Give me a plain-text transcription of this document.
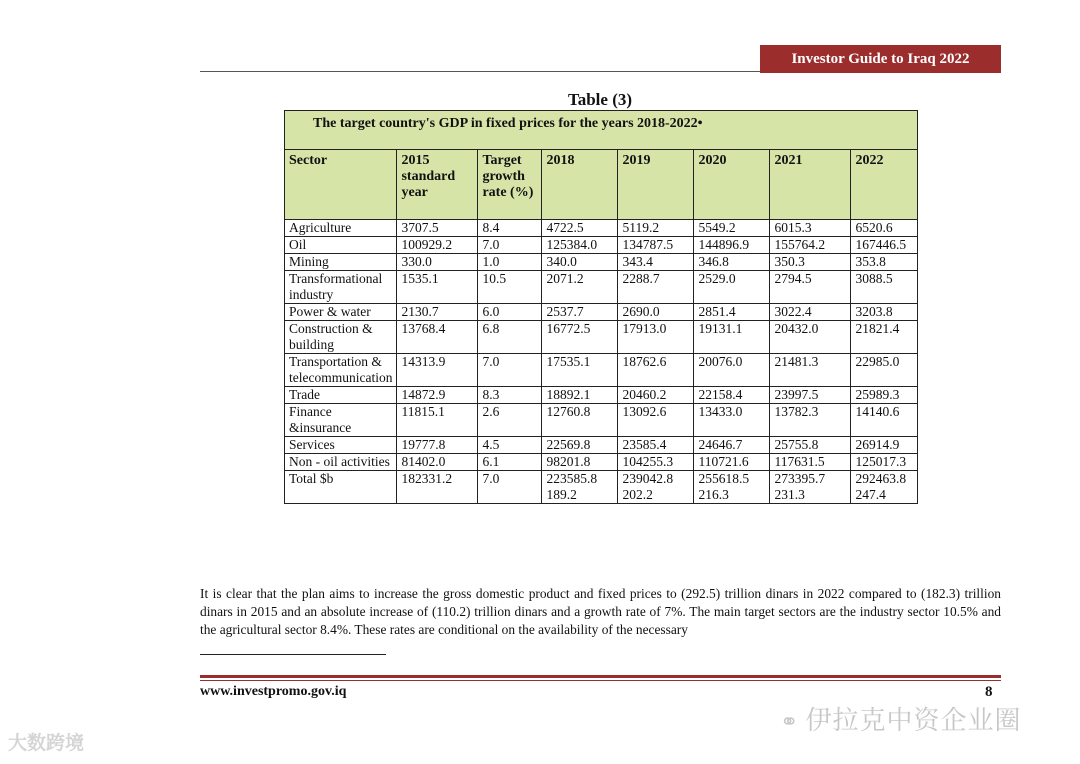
Investor Guide to Iraq 2022
Table (3)
The target country's GDP in fixed prices for the years 2018-2022•							
Sector	2015 standard year	Target growth rate (%)	2018	2019	2020	2021	2022
Agriculture	3707.5	8.4	4722.5	5119.2	5549.2	6015.3	6520.6
Oil	100929.2	7.0	125384.0	134787.5	144896.9	155764.2	167446.5
Mining	330.0	1.0	340.0	343.4	346.8	350.3	353.8
Transformational industry	1535.1	10.5	2071.2	2288.7	2529.0	2794.5	3088.5
Power & water	2130.7	6.0	2537.7	2690.0	2851.4	3022.4	3203.8
Construction & building	13768.4	6.8	16772.5	17913.0	19131.1	20432.0	21821.4
Transportation & telecommunication	14313.9	7.0	17535.1	18762.6	20076.0	21481.3	22985.0
Trade	14872.9	8.3	18892.1	20460.2	22158.4	23997.5	25989.3
Finance &insurance	11815.1	2.6	12760.8	13092.6	13433.0	13782.3	14140.6
Services	19777.8	4.5	22569.8	23585.4	24646.7	25755.8	26914.9
Non - oil activities	81402.0	6.1	98201.8	104255.3	110721.6	117631.5	125017.3
Total $b	182331.2	7.0	223585.8 189.2	239042.8 202.2	255618.5 216.3	273395.7 231.3	292463.8 247.4
It is clear that the plan aims to increase the gross domestic product and fixed prices to (292.5) trillion dinars in 2022 compared to (182.3) trillion dinars in 2015 and an absolute increase of (110.2) trillion dinars and a growth rate of 7%. The main target sectors are the industry sector 10.5% and the agricultural sector 8.4%. These rates are conditional on the availability of the necessary
www.investpromo.gov.iq	8
⚭ 伊拉克中资企业圈
大数跨境
